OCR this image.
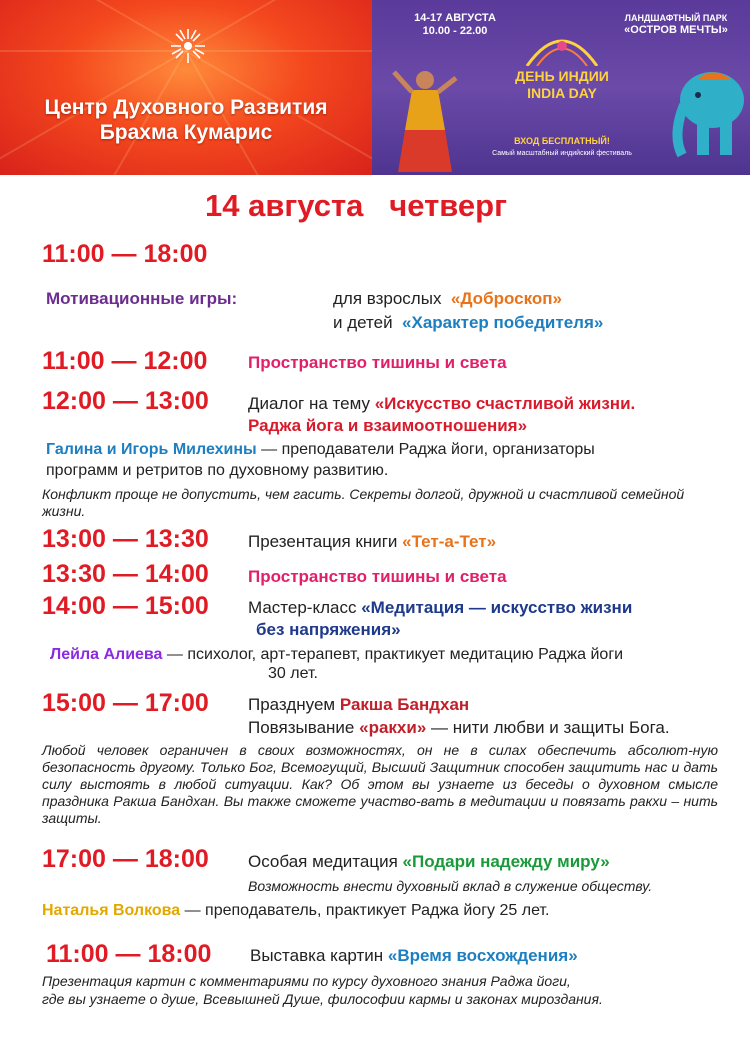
Центр Духовного Развития
Брахма Кумарис
14-17 АВГУСТА
10.00 - 22.00
ЛАНДШАФТНЫЙ ПАРК
«ОСТРОВ МЕЧТЫ»
ДЕНЬ ИНДИИ
INDIA DAY
ВХОД БЕСПЛАТНЫЙ!
Самый масштабный индийский фестиваль
14 августа   четверг
11:00 — 18:00
Мотивационные игры:	для взрослых «Доброскоп»
и детей «Характер победителя»
11:00 — 12:00 Пространство тишины и света
12:00 — 13:00 Диалог на тему «Искусство счастливой жизни.
Раджа йога и взаимоотношения»
Галина и Игорь Милехины — преподаватели Раджа йоги, организаторы
программ и ретритов по духовному развитию.
Конфликт проще не допустить, чем гасить. Секреты долгой, дружной и счастливой семейной жизни.
13:00 — 13:30 Презентация книги «Тет-а-Тет»
13:30 — 14:00 Пространство тишины и света
14:00 — 15:00 Мастер-класс «Медитация — искусство жизни
без напряжения»
Лейла Алиева — психолог, арт-терапевт, практикует медитацию Раджа йоги
30 лет.
15:00 — 17:00 Празднуем Ракша Бандхан
Повязывание «ракхи» — нити любви и защиты Бога.
Любой человек ограничен в своих возможностях, он не в силах обеспечить абсолют-ную безопасность другому. Только Бог, Всемогущий, Высший Защитник способен защитить нас и дать силу выстоять в любой ситуации. Как? Об этом вы узнаете из беседы о духовном смысле праздника Ракша Бандхан. Вы также сможете участво-вать в медитации и повязать ракхи – нить защиты.
17:00 — 18:00 Особая медитация «Подари надежду миру»
Возможность внести духовный вклад в служение обществу.
Наталья Волкова — преподаватель, практикует Раджа йогу 25 лет.
11:00 — 18:00 Выставка картин «Время восхождения»
Презентация картин с комментариями по курсу духовного знания Раджа йоги,
где вы узнаете о душе, Всевышней Душе, философии кармы и законах мироздания.
